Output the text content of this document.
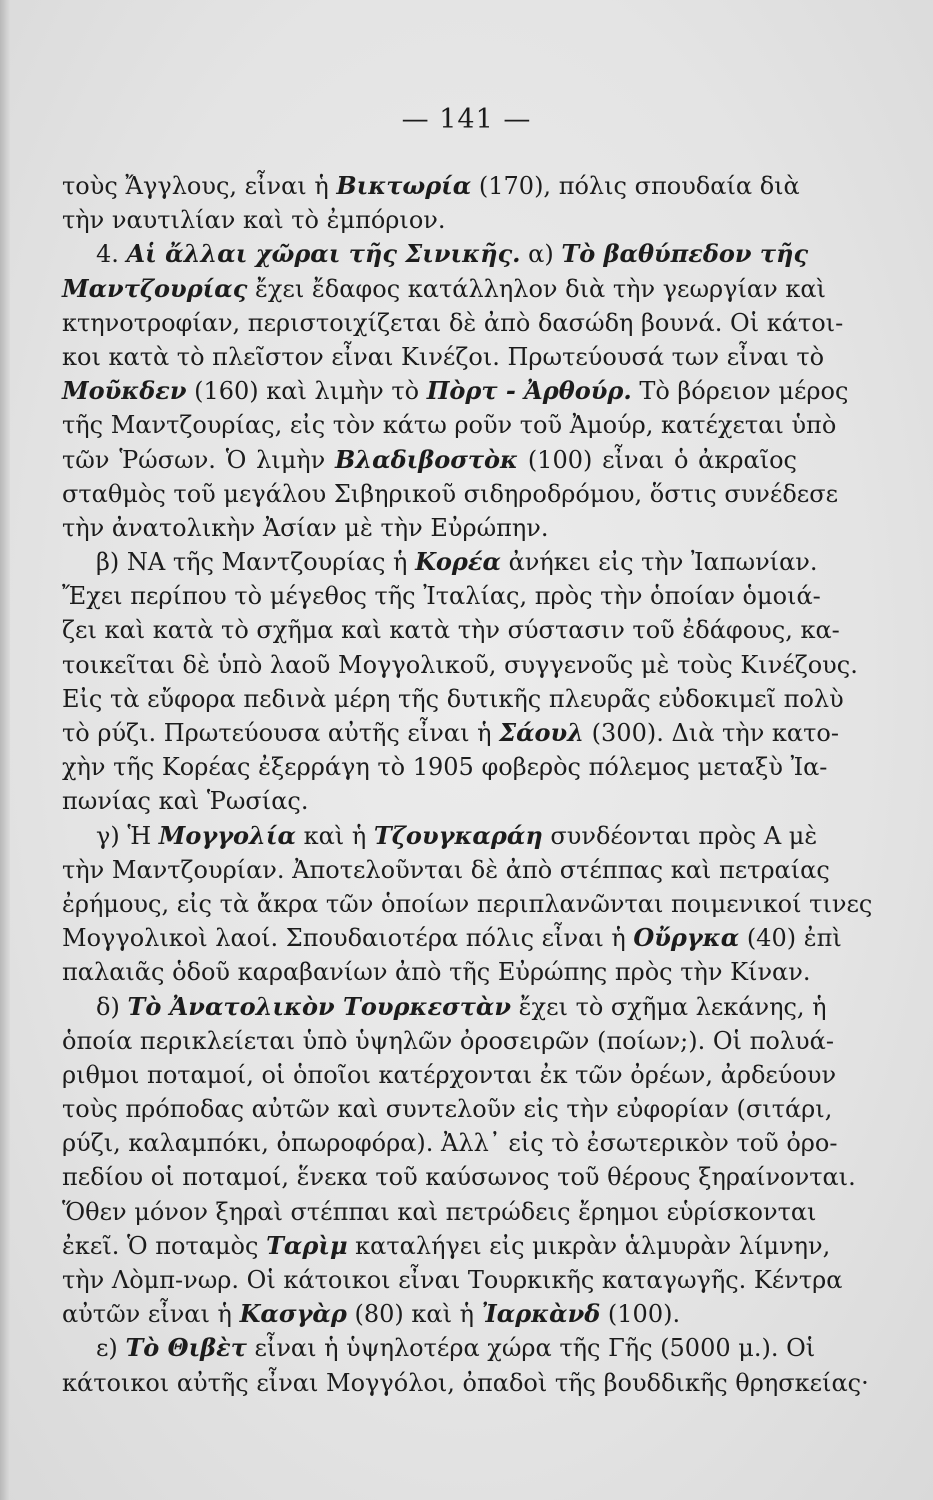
— 141 —
τοὺς Ἄγγλους, εἶναι ἡ Βικτωρία (170), πόλις σπουδαία διὰ
τὴν ναυτιλίαν καὶ τὸ ἐμπόριον.
4. Αἱ ἄλλαι χῶραι τῆς Σινικῆς. α) Τὸ βαθύπεδον τῆς
Μαντζουρίας ἔχει ἔδαφος κατάλληλον διὰ τὴν γεωργίαν καὶ
κτηνοτροφίαν, περιστοιχίζεται δὲ ἀπὸ δασώδη βουνά. Οἱ κάτοι-
κοι κατὰ τὸ πλεῖστον εἶναι Κινέζοι. Πρωτεύουσά των εἶναι τὸ
Μοῦκδεν (160) καὶ λιμὴν τὸ Πὸρτ - Ἀρθούρ. Τὸ βόρειον μέρος
τῆς Μαντζουρίας, εἰς τὸν κάτω ροῦν τοῦ Ἀμούρ, κατέχεται ὑπὸ
τῶν Ῥώσων. Ὁ λιμὴν Βλαδιβοστὸκ (100) εἶναι ὁ ἀκραῖος
σταθμὸς τοῦ μεγάλου Σιβηρικοῦ σιδηροδρόμου, ὅστις συνέδεσε
τὴν ἀνατολικὴν Ἀσίαν μὲ τὴν Εὐρώπην.
β) ΝΑ τῆς Μαντζουρίας ἡ Κορέα ἀνήκει εἰς τὴν Ἰαπωνίαν.
Ἔχει περίπου τὸ μέγεθος τῆς Ἰταλίας, πρὸς τὴν ὁποίαν ὁμοιά-
ζει καὶ κατὰ τὸ σχῆμα καὶ κατὰ τὴν σύστασιν τοῦ ἐδάφους, κα-
τοικεῖται δὲ ὑπὸ λαοῦ Μογγολικοῦ, συγγενοῦς μὲ τοὺς Κινέζους.
Εἰς τὰ εὔφορα πεδινὰ μέρη τῆς δυτικῆς πλευρᾶς εὐδοκιμεῖ πολὺ
τὸ ρύζι. Πρωτεύουσα αὐτῆς εἶναι ἡ Σάουλ (300). Διὰ τὴν κατο-
χὴν τῆς Κορέας ἐξερράγη τὸ 1905 φοβερὸς πόλεμος μεταξὺ Ἰα-
πωνίας καὶ Ῥωσίας.
γ) Ἡ Μογγολία καὶ ἡ Τζουγκαράη συνδέονται πρὸς Α μὲ
τὴν Μαντζουρίαν. Ἀποτελοῦνται δὲ ἀπὸ στέππας καὶ πετραίας
ἐρήμους, εἰς τὰ ἄκρα τῶν ὁποίων περιπλανῶνται ποιμενικοί τινες
Μογγολικοὶ λαοί. Σπουδαιοτέρα πόλις εἶναι ἡ Οὔργκα (40) ἐπὶ
παλαιᾶς ὁδοῦ καραβανίων ἀπὸ τῆς Εὐρώπης πρὸς τὴν Κίναν.
δ) Τὸ Ἀνατολικὸν Τουρκεστὰν ἔχει τὸ σχῆμα λεκάνης, ἡ
ὁποία περικλείεται ὑπὸ ὑψηλῶν ὀροσειρῶν (ποίων;). Οἱ πολυά-
ριθμοι ποταμοί, οἱ ὁποῖοι κατέρχονται ἐκ τῶν ὀρέων, ἀρδεύουν
τοὺς πρόποδας αὐτῶν καὶ συντελοῦν εἰς τὴν εὐφορίαν (σιτάρι,
ρύζι, καλαμπόκι, ὀπωροφόρα). Ἀλλ᾿ εἰς τὸ ἐσωτερικὸν τοῦ ὀρο-
πεδίου οἱ ποταμοί, ἕνεκα τοῦ καύσωνος τοῦ θέρους ξηραίνονται.
Ὅθεν μόνον ξηραὶ στέππαι καὶ πετρώδεις ἔρημοι εὑρίσκονται
ἐκεῖ. Ὁ ποταμὸς Ταρὶμ καταλήγει εἰς μικρὰν ἁλμυρὰν λίμνην,
τὴν Λὸμπ-νωρ. Οἱ κάτοικοι εἶναι Τουρκικῆς καταγωγῆς. Κέντρα
αὐτῶν εἶναι ἡ Κασγὰρ (80) καὶ ἡ Ἰαρκὰνδ (100).
ε) Τὸ Θιβὲτ εἶναι ἡ ὑψηλοτέρα χώρα τῆς Γῆς (5000 μ.). Οἱ
κάτοικοι αὐτῆς εἶναι Μογγόλοι, ὀπαδοὶ τῆς βουδδικῆς θρησκείας·
